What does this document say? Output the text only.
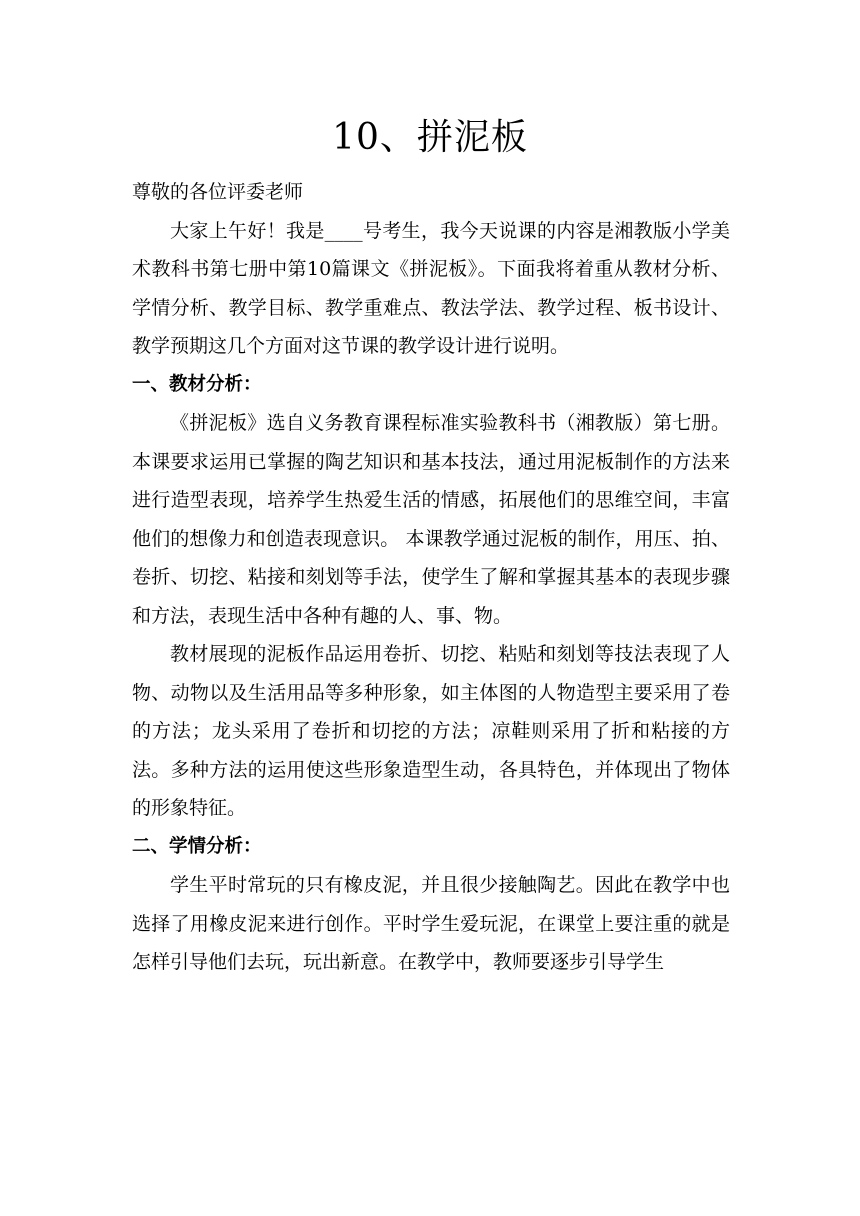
10、拼泥板

尊敬的各位评委老师

大家上午好！我是____号考生，我今天说课的内容是湘教版小学美术教科书第七册中第10篇课文《拼泥板》。下面我将着重从教材分析、学情分析、教学目标、教学重难点、教法学法、教学过程、板书设计、教学预期这几个方面对这节课的教学设计进行说明。

一、教材分析：

《拼泥板》选自义务教育课程标准实验教科书（湘教版）第七册。本课要求运用已掌握的陶艺知识和基本技法，通过用泥板制作的方法来进行造型表现，培养学生热爱生活的情感，拓展他们的思维空间，丰富他们的想像力和创造表现意识。 本课教学通过泥板的制作，用压、拍、卷折、切挖、粘接和刻划等手法，使学生了解和掌握其基本的表现步骤和方法，表现生活中各种有趣的人、事、物。

教材展现的泥板作品运用卷折、切挖、粘贴和刻划等技法表现了人物、动物以及生活用品等多种形象，如主体图的人物造型主要采用了卷的方法；龙头采用了卷折和切挖的方法；凉鞋则采用了折和粘接的方法。多种方法的运用使这些形象造型生动，各具特色，并体现出了物体的形象特征。

二、学情分析：

学生平时常玩的只有橡皮泥，并且很少接触陶艺。因此在教学中也选择了用橡皮泥来进行创作。平时学生爱玩泥，在课堂上要注重的就是怎样引导他们去玩，玩出新意。在教学中，教师要逐步引导学生
